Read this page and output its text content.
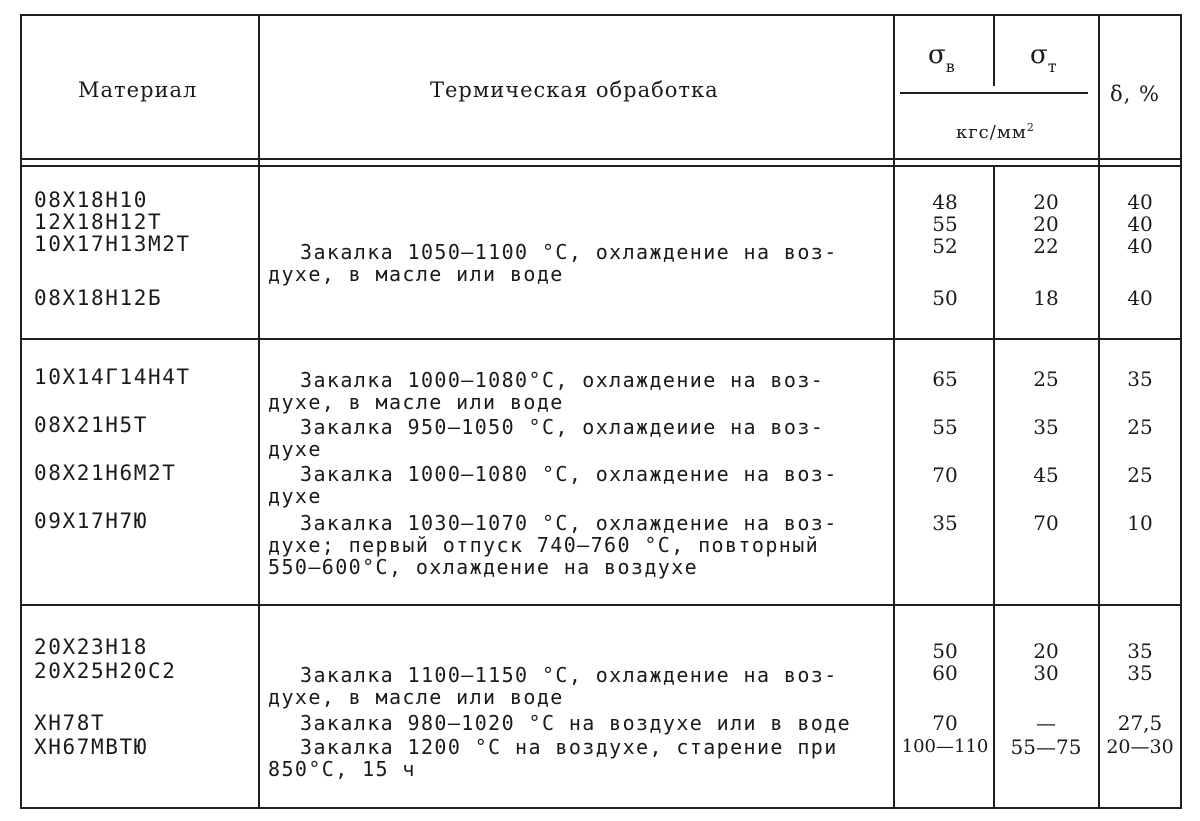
Материал	Термическая обработка
$\sigma_в$	$\sigma_т$
кгс/$мм^2$
δ, %
08Х18Н10
12Х18Н12Т
10Х17Н13М2Т
08Х18Н12Б
Закалка 1050—1100 °С, охлаждение на воз-
духе, в масле или воде
48
55
52
50
20
20
22
18
40
40
40
40
10Х14Г14Н4Т
08Х21Н5Т
08Х21Н6М2Т
09Х17Н7Ю
Закалка 1000—1080°С, охлаждение на воз-
духе, в масле или воде
Закалка 950—1050 °С, охлаждеиие на воз-
духе
Закалка 1000—1080 °С, охлаждение на воз-
духе
Закалка 1030—1070 °С, охлаждение на воз-
духе; первый отпуск 740—760 °С, повторный
550—600°С, охлаждение на воздухе
65
55
70
35
25
35
45
70
35
25
25
10
20Х23Н18
20Х25Н20С2
ХН78Т
ХН67МВТЮ
Закалка 1100—1150 °С, охлаждение на воз-
духе, в масле или воде
Закалка 980—1020 °С на воздухе или в воде
Закалка 1200 °С на воздухе, старение при
850°С, 15 ч
50
60
70
100—110
20
30
—
55—75
35
35
27,5
20—30
